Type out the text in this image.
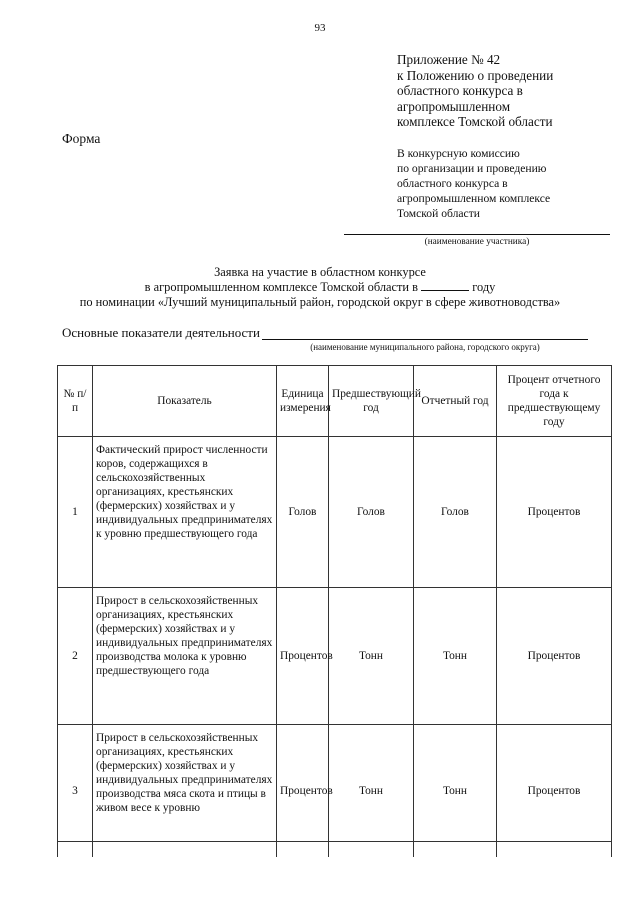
93
Приложение № 42
к Положению о проведении
областного конкурса в
агропромышленном
комплексе Томской области
Форма
В конкурсную комиссию
по организации и проведению
областного конкурса в
агропромышленном комплексе
Томской области
(наименование участника)
Заявка на участие в областном конкурсе
в агропромышленном комплексе Томской области в	году
по номинации «Лучший муниципальный район, городской округ в сфере животноводства»
Основные показатели деятельности
(наименование муниципального района, городского округа)
№ п/п	Показатель	Единица измерения	Предшествующий год	Отчетный год	Процент отчетного года к предшествующему году
1	Фактический прирост численности коров, содержащихся в сельскохозяйственных организациях, крестьянских (фермерских) хозяйствах и у индивидуальных предпринимателях к уровню предшествующего года	Голов	Голов	Голов	Процентов
2	Прирост в сельскохозяйственных организациях, крестьянских (фермерских) хозяйствах и у индивидуальных предпринимателях производства молока к уровню предшествующего года	Процентов	Тонн	Тонн	Процентов
3	Прирост в сельскохозяйственных организациях, крестьянских (фермерских) хозяйствах и у индивидуальных предпринимателях производства мяса скота и птицы в живом весе к уровню	Процентов	Тонн	Тонн	Процентов
